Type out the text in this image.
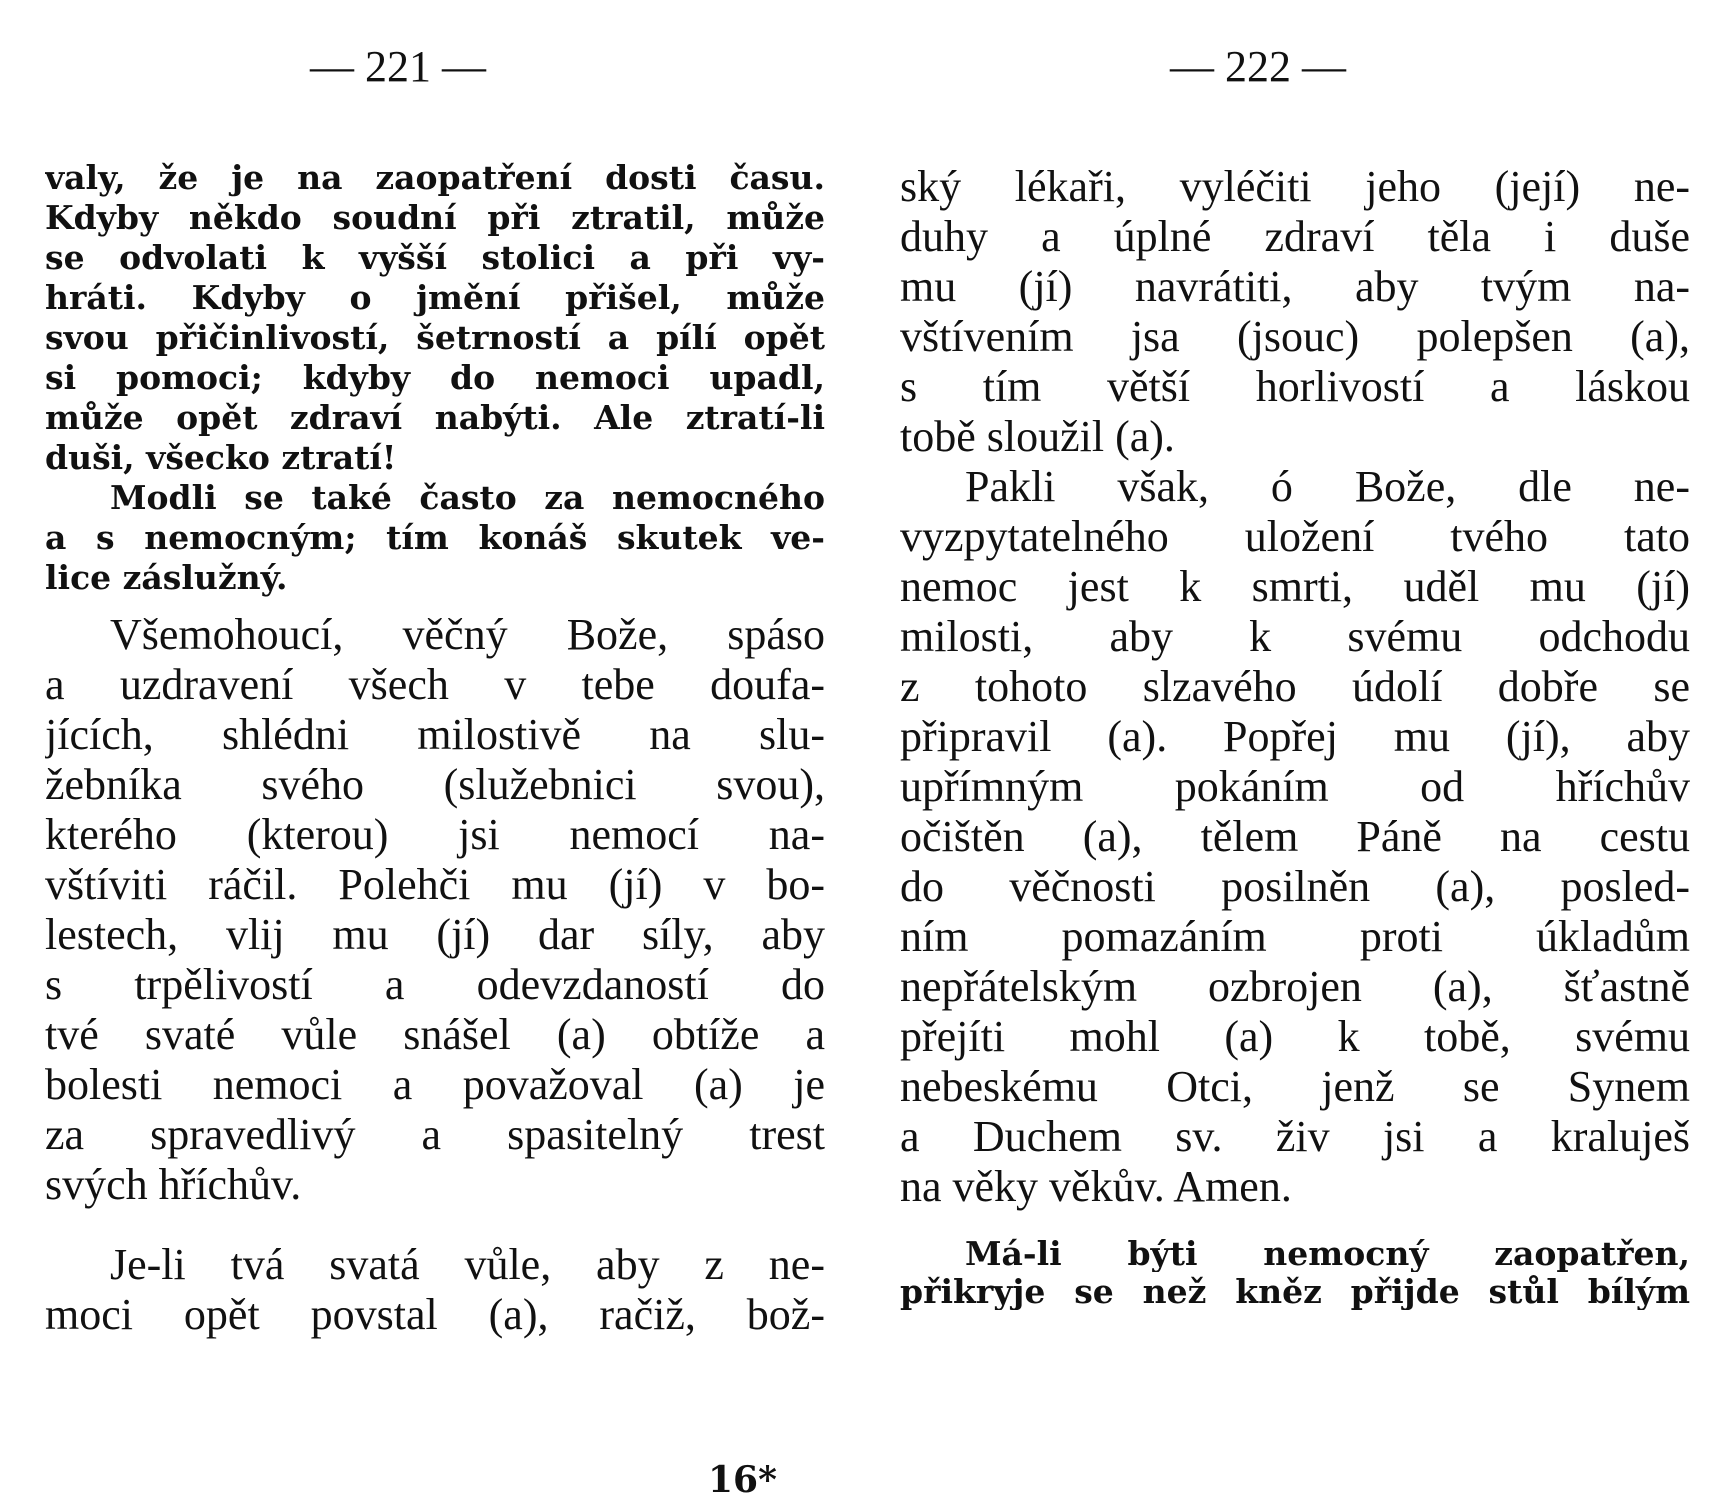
— 221 —	— 222 —

valy, že je na zaopatření dosti času.

Kdyby někdo soudní při ztratil, může

se odvolati k vyšší stolici a při vy-

hráti. Kdyby o jmění přišel, může

svou přičinlivostí, šetrností a pílí opět

si pomoci; kdyby do nemoci upadl,

může opět zdraví nabýti. Ale ztratí-li

duši, všecko ztratí!

Modli se také často za nemocného

a s nemocným; tím konáš skutek ve-

lice záslužný.

Všemohoucí, věčný Bože, spáso

a uzdravení všech v tebe doufa-

jících, shlédni milostivě na slu-

žebníka svého (služebnici svou),

kterého (kterou) jsi nemocí na-

vštíviti ráčil. Polehči mu (jí) v bo-

lestech, vlij mu (jí) dar síly, aby

s trpělivostí a odevzdaností do

tvé svaté vůle snášel (a) obtíže a

bolesti nemoci a považoval (a) je

za spravedlivý a spasitelný trest

svých hříchův.

Je-li tvá svatá vůle, aby z ne-

moci opět povstal (a), račiž, bož-

16*

ský lékaři, vyléčiti jeho (její) ne-

duhy a úplné zdraví těla i duše

mu (jí) navrátiti, aby tvým na-

vštívením jsa (jsouc) polepšen (a),

s tím větší horlivostí a láskou

tobě sloužil (a).

Pakli však, ó Bože, dle ne-

vyzpytatelného uložení tvého tato

nemoc jest k smrti, uděl mu (jí)

milosti, aby k svému odchodu

z tohoto slzavého údolí dobře se

připravil (a). Popřej mu (jí), aby

upřímným pokáním od hříchův

očištěn (a), tělem Páně na cestu

do věčnosti posilněn (a), posled-

ním pomazáním proti úkladům

nepřátelským ozbrojen (a), šťastně

přejíti mohl (a) k tobě, svému

nebeskému Otci, jenž se Synem

a Duchem sv. živ jsi a kraluješ

na věky věkův. Amen.

Má-li býti nemocný zaopatřen,

přikryje se než kněz přijde stůl bílým
